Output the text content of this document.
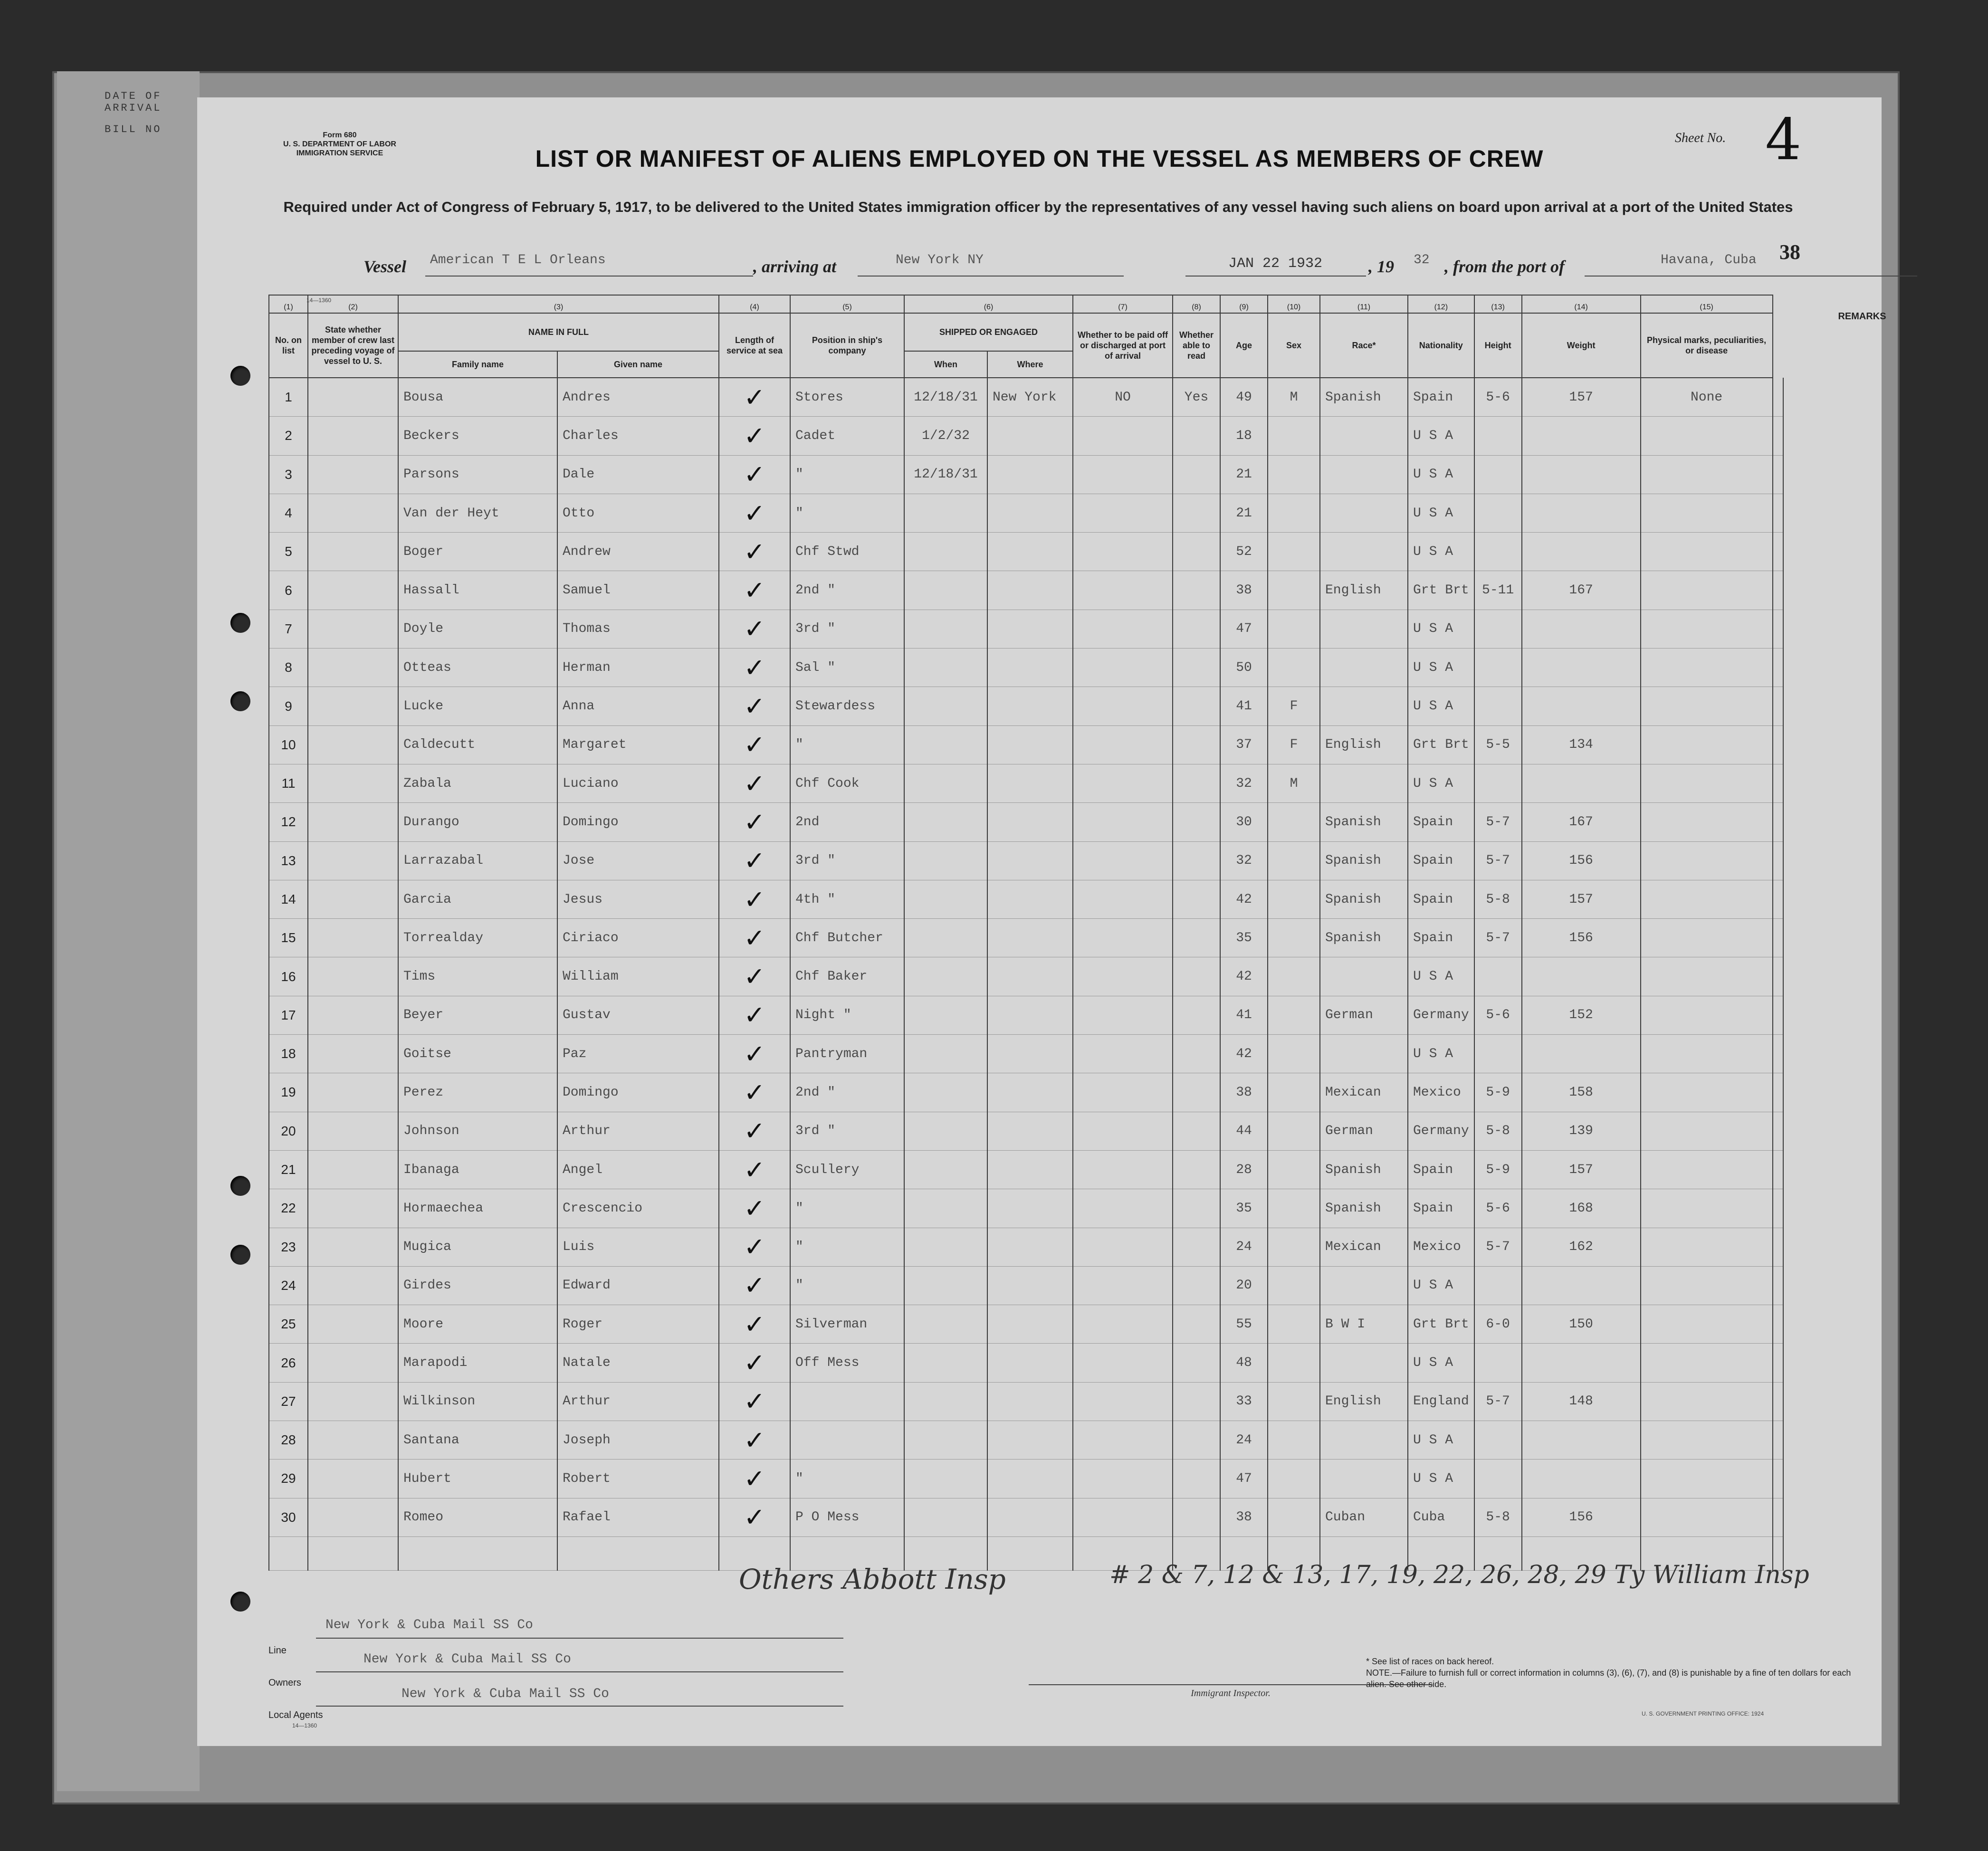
DATE OF ARRIVAL
BILL NO	Form 680
U. S. DEPARTMENT OF LABOR
IMMIGRATION SERVICE
Sheet No. 4
LIST OR MANIFEST OF ALIENS EMPLOYED ON THE VESSEL AS MEMBERS OF CREW
Required under Act of Congress of February 5, 1917, to be delivered to the United States immigration officer by the representatives of any vessel having such aliens on board upon arrival at a port of the United States
Vessel American T E L Orleans	, arriving at	New York NY	JAN 22 1932	, 19 32 , from the port of	Havana, Cuba 38
14—1360
(1)	(2)	(3)		(4)	(5)	(6)		(7)	(8)	(9)	(10)	(11)	(12)	(13)	(14)	(15)	
No. on list	State whether member of crew last preceding voyage of vessel to U. S.	NAME IN FULL		Length of service at sea	Position in ship's company	SHIPPED OR ENGAGED		Whether to be paid off or discharged at port of arrival	Whether able to read	Age	Sex	Race*	Nationality	Height	Weight	Physical marks, peculiarities, or disease	
		Family name	Given name			When	Where										
1		Bousa	Andres	✓	Stores	12/18/31	New York	NO	Yes	49	M	Spanish	Spain	5-6	157	None	
2		Beckers	Charles	✓	Cadet	1/2/32				18			U S A				
3		Parsons	Dale	✓	"	12/18/31				21			U S A				
4		Van der Heyt	Otto	✓	"					21			U S A				
5		Boger	Andrew	✓	Chf Stwd					52			U S A				
6		Hassall	Samuel	✓	2nd "					38		English	Grt Brt	5-11	167		
7		Doyle	Thomas	✓	3rd "					47			U S A				
8		Otteas	Herman	✓	Sal "					50			U S A				
9		Lucke	Anna	✓	Stewardess					41	F		U S A				
10		Caldecutt	Margaret	✓	"					37	F	English	Grt Brt	5-5	134		
11		Zabala	Luciano	✓	Chf Cook					32	M		U S A				
12		Durango	Domingo	✓	2nd					30		Spanish	Spain	5-7	167		
13		Larrazabal	Jose	✓	3rd "					32		Spanish	Spain	5-7	156		
14		Garcia	Jesus	✓	4th "					42		Spanish	Spain	5-8	157		
15		Torrealday	Ciriaco	✓	Chf Butcher					35		Spanish	Spain	5-7	156		
16		Tims	William	✓	Chf Baker					42			U S A				
17		Beyer	Gustav	✓	Night "					41		German	Germany	5-6	152		
18		Goitse	Paz	✓	Pantryman					42			U S A				
19		Perez	Domingo	✓	2nd "					38		Mexican	Mexico	5-9	158		
20		Johnson	Arthur	✓	3rd "					44		German	Germany	5-8	139		
21		Ibanaga	Angel	✓	Scullery					28		Spanish	Spain	5-9	157		
22		Hormaechea	Crescencio	✓	"					35		Spanish	Spain	5-6	168		
23		Mugica	Luis	✓	"					24		Mexican	Mexico	5-7	162		
24		Girdes	Edward	✓	"					20			U S A				
25		Moore	Roger	✓	Silverman					55		B W I	Grt Brt	6-0	150		
26		Marapodi	Natale	✓	Off Mess					48			U S A				
27		Wilkinson	Arthur	✓						33		English	England	5-7	148		
28		Santana	Joseph	✓						24			U S A				
29		Hubert	Robert	✓	"					47			U S A				
30		Romeo	Rafael	✓	P O Mess					38		Cuban	Cuba	5-8	156		

REMARKS
Others Abbott Insp	# 2 & 7, 12 & 13, 17, 19, 22, 26, 28, 29 Ty William Insp
New York & Cuba Mail SS Co
Line
New York & Cuba Mail SS Co
Owners
New York & Cuba Mail SS Co
Local Agents
14—1360
Immigrant Inspector.
* See list of races on back hereof.
NOTE.—Failure to furnish full or correct information in columns (3), (6), (7), and (8) is punishable by a fine of ten dollars for each alien. See other side.
U. S. GOVERNMENT PRINTING OFFICE: 1924
